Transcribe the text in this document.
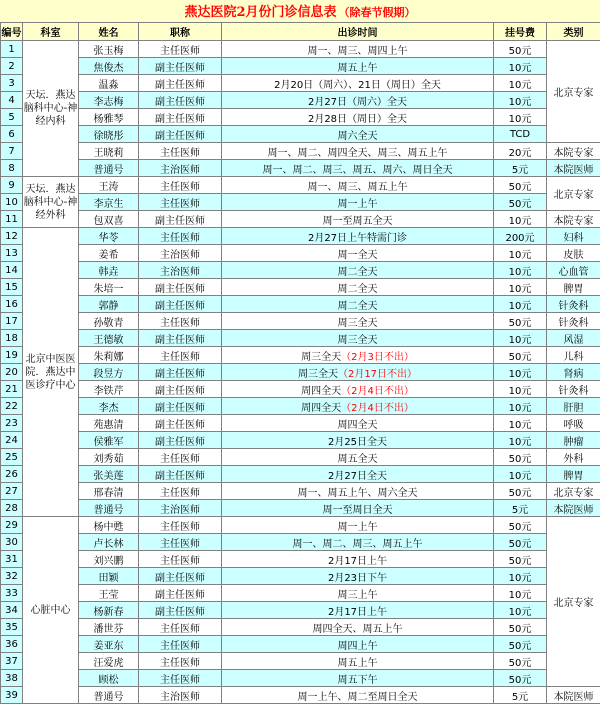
燕达医院2月份门诊信息表 （除春节假期）
编号	科室	姓名	职称	出诊时间	挂号费	类别
1	天坛．燕达脑科中心-神经内科	张玉梅	主任医师	周一、周三、周四上午	50元	北京专家
2		焦俊杰	副主任医师	周五上午	10元	
3		温淼	副主任医师	2月20日（周六）、21日（周日）全天	10元	
4		李志梅	副主任医师	2月27日（周六）全天	10元	
5		杨雅琴	副主任医师	2月28日（周日）全天	10元	
6		徐晓彤	副主任医师	周六全天	TCD	
7		王晓莉	主任医师	周一、周二、周四全天、周三、周五上午	20元	本院专家
8		普通号	主治医师	周一、周二、周三、周五、周六、周日全天	5元	本院医师
9	天坛．燕达脑科中心-神经外科	王涛	主任医师	周一、周三、周五上午	50元	北京专家
10		李京生	主任医师	周一上午	50元	
11		包双喜	副主任医师	周一至周五全天	10元	本院专家
12	北京中医医院．燕达中医诊疗中心	华苓	主任医师	2月27日上午特需门诊	200元	妇科
13		姜希	主治医师	周一全天	10元	皮肤
14		韩垚	主治医师	周二全天	10元	心血管
15		朱培一	副主任医师	周二全天	10元	脾胃
16		郭静	副主任医师	周二全天	10元	针灸科
17		孙敬青	主任医师	周三全天	50元	针灸科
18		王德敏	副主任医师	周三全天	10元	风湿
19		朱莉娜	主任医师	周三全天（2月3日不出）	50元	儿科
20		段昱方	副主任医师	周三全天（2月17日不出）	10元	肾病
21		李铁芹	副主任医师	周四全天（2月4日不出）	10元	针灸科
22		李杰	副主任医师	周四全天（2月4日不出）	10元	肝胆
23		苑惠清	副主任医师	周四全天	10元	呼吸
24		侯雅军	副主任医师	2月25日全天	10元	肿瘤
25		刘秀茹	主任医师	周五全天	50元	外科
26		张美莲	副主任医师	2月27日全天	10元	脾胃
27		邢春清	主任医师	周一、周五上午、周六全天	50元	北京专家
28		普通号	主治医师	周一至周日全天	5元	本院医师
29	心脏中心	杨中甦	主任医师	周一上午	50元	北京专家
30		卢长林	主任医师	周一、周二、周三、周五上午	50元	
31		刘兴鹏	主任医师	2月17日上午	50元	
32		田颖	副主任医师	2月23日下午	10元	
33		王莹	副主任医师	周三上午	10元	
34		杨新春	副主任医师	2月17日上午	10元	
35		潘世芬	主任医师	周四全天、周五上午	50元	
36		姜亚东	主任医师	周四上午	50元	
37		汪爱虎	主任医师	周五上午	50元	
38		顾松	主任医师	周五下午	50元	
39		普通号	主治医师	周一上午、周二至周日全天	5元	本院医师
